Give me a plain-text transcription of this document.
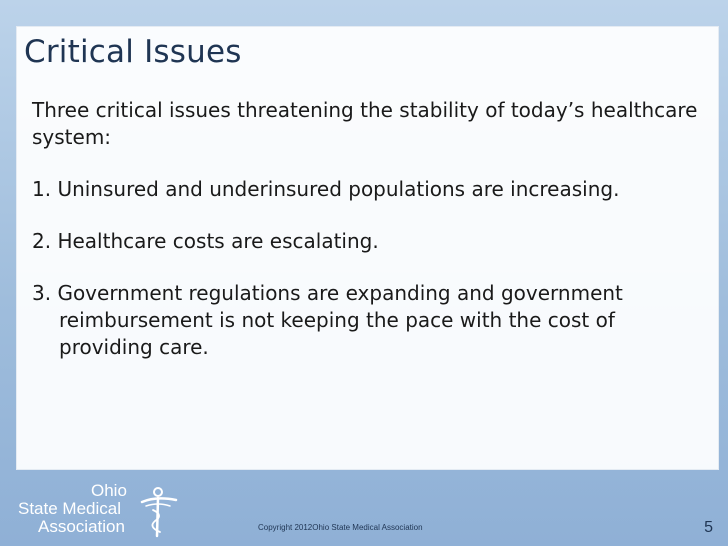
Critical Issues

Three critical issues threatening the stability of today’s healthcare system:

1. Uninsured and underinsured populations are increasing.

2. Healthcare costs are escalating.

3. Government regulations are expanding and government reimbursement is not keeping the pace with the cost of providing care.

Ohio
State Medical
Association	Copyright 2012Ohio State Medical Association	5
